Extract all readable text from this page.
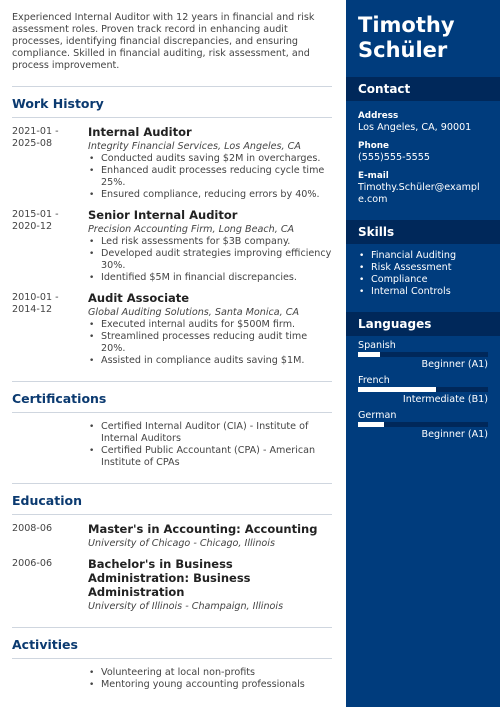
Experienced Internal Auditor with 12 years in financial and risk assessment roles. Proven track record in enhancing audit processes, identifying financial discrepancies, and ensuring compliance. Skilled in financial auditing, risk assessment, and process improvement.

Work History
2021-01 - 2025-08
Internal Auditor
Integrity Financial Services, Los Angeles, CA
• Conducted audits saving $2M in overcharges.
• Enhanced audit processes reducing cycle time 25%.
• Ensured compliance, reducing errors by 40%.
2015-01 - 2020-12
Senior Internal Auditor
Precision Accounting Firm, Long Beach, CA
• Led risk assessments for $3B company.
• Developed audit strategies improving efficiency 30%.
• Identified $5M in financial discrepancies.
2010-01 - 2014-12
Audit Associate
Global Auditing Solutions, Santa Monica, CA
• Executed internal audits for $500M firm.
• Streamlined processes reducing audit time 20%.
• Assisted in compliance audits saving $1M.
Certifications
• Certified Internal Auditor (CIA) - Institute of Internal Auditors
• Certified Public Accountant (CPA) - American Institute of CPAs
Education
2008-06	Master's in Accounting: Accounting
University of Chicago - Chicago, Illinois
2006-06	Bachelor's in Business Administration: Business Administration
University of Illinois - Champaign, Illinois
Activities
• Volunteering at local non-profits
• Mentoring young accounting professionals
Timothy
Schüler
Contact
Address
Los Angeles, CA, 90001
Phone
(555)555-5555
E-mail
Timothy.Schüler@example.com
Skills
• Financial Auditing
• Risk Assessment
• Compliance
• Internal Controls
Languages
Spanish
Beginner (A1)
French
Intermediate (B1)
German
Beginner (A1)
